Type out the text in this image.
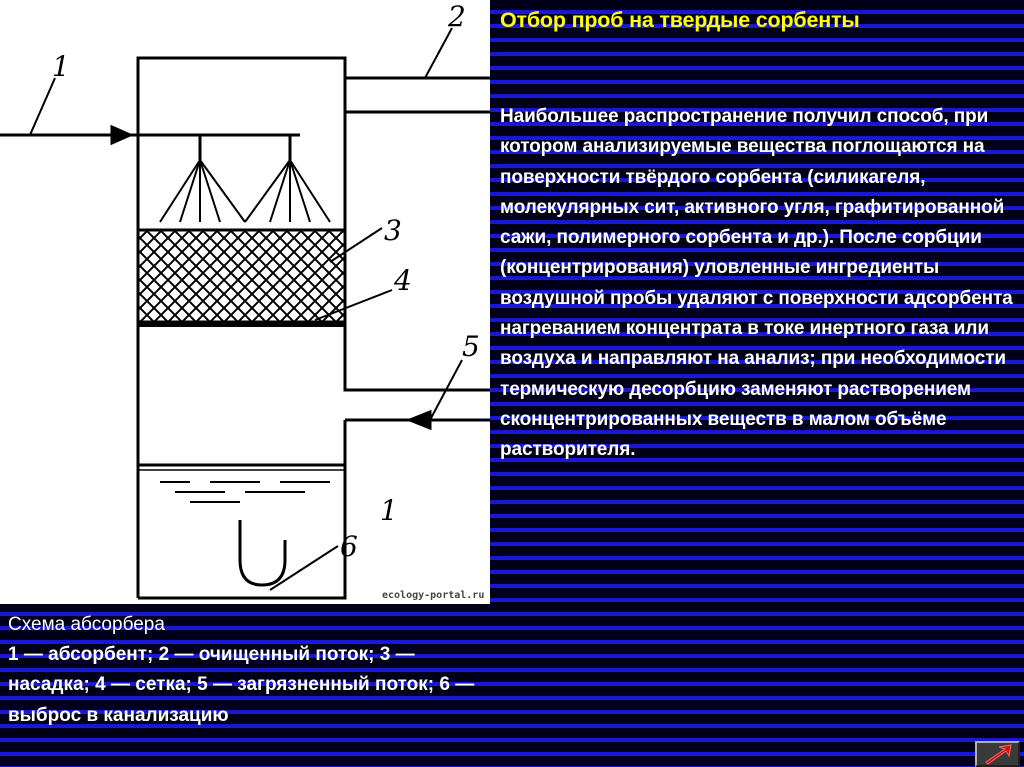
1
2
3
4
5
6
1
ecology-portal.ru
Отбор проб на твердые сорбенты
Наибольшее распространение получил способ, при котором анализируемые вещества поглощаются на поверхности твёрдого сорбента (силикагеля, молекулярных сит, активного угля, графитированной сажи, полимерного сорбента и др.). После сорбции (концентрирования) уловленные ингредиенты воздушной пробы удаляют с поверхности адсорбента нагреванием концентрата в токе инертного газа или воздуха и направляют на анализ; при необходимости термическую десорбцию заменяют растворением сконцентрированных веществ в малом объёме растворителя.
Схема абсорбера
1 — абсорбент; 2 — очищенный поток; 3 — насадка; 4 — сетка; 5 — загрязненный поток; 6 — выброс в канализацию
